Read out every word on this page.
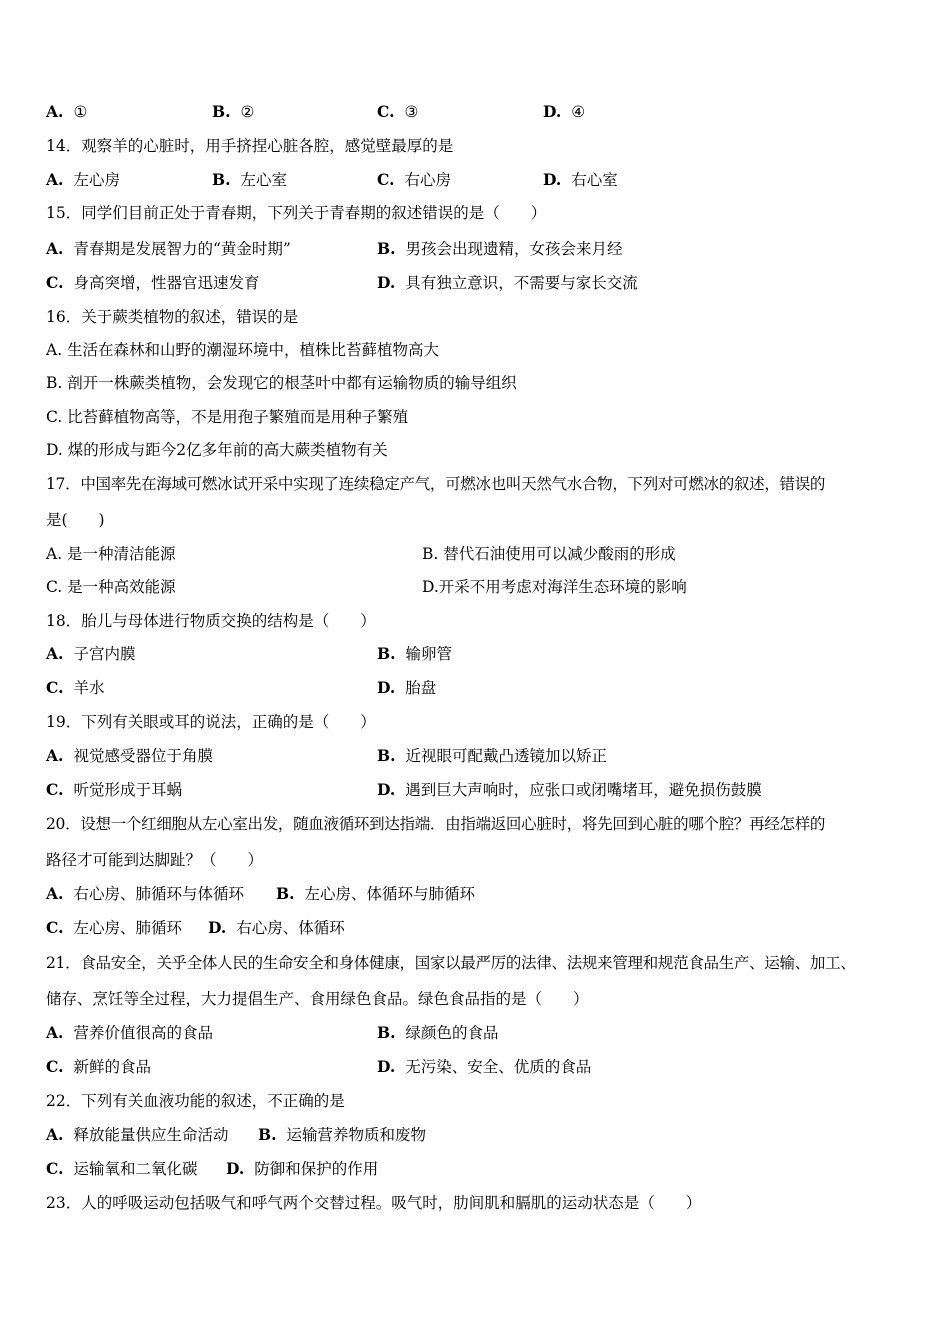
A. ①	B. ②	C. ③	D. ④
14．观察羊的心脏时，用手挤捏心脏各腔，感觉壁最厚的是
A. 左心房	B. 左心室	C. 右心房	D. 右心室
15．同学们目前正处于青春期，下列关于青春期的叙述错误的是（　　）
A. 青春期是发展智力的“黄金时期”	B. 男孩会出现遗精，女孩会来月经
C. 身高突增，性器官迅速发育	D. 具有独立意识，不需要与家长交流
16．关于蕨类植物的叙述，错误的是
A. 生活在森林和山野的潮湿环境中，植株比苔藓植物高大
B. 剖开一株蕨类植物，会发现它的根茎叶中都有运输物质的输导组织
C. 比苔藓植物高等，不是用孢子繁殖而是用种子繁殖
D. 煤的形成与距今2亿多年前的高大蕨类植物有关
17．中国率先在海域可燃冰试开采中实现了连续稳定产气，可燃冰也叫天然气水合物，下列对可燃冰的叙述，错误的
是(　　)
A. 是一种清洁能源	B. 替代石油使用可以减少酸雨的形成
C. 是一种高效能源	D.开采不用考虑对海洋生态环境的影响
18．胎儿与母体进行物质交换的结构是（　　）
A. 子宫内膜	B. 输卵管
C. 羊水	D. 胎盘
19．下列有关眼或耳的说法，正确的是（　　）
A. 视觉感受器位于角膜	B. 近视眼可配戴凸透镜加以矫正
C. 听觉形成于耳蜗	D. 遇到巨大声响时，应张口或闭嘴堵耳，避免损伤鼓膜
20．设想一个红细胞从左心室出发，随血液循环到达指端．由指端返回心脏时，将先回到心脏的哪个腔？再经怎样的
路径才可能到达脚趾？（　　）
A. 右心房、肺循环与体循环 B. 左心房、体循环与肺循环
C. 左心房、肺循环 D. 右心房、体循环
21．食品安全，关乎全体人民的生命安全和身体健康，国家以最严厉的法律、法规来管理和规范食品生产、运输、加工、
储存、烹饪等全过程，大力提倡生产、食用绿色食品。绿色食品指的是（　　）
A. 营养价值很高的食品	B. 绿颜色的食品
C. 新鲜的食品	D. 无污染、安全、优质的食品
22．下列有关血液功能的叙述，不正确的是
A. 释放能量供应生命活动 B. 运输营养物质和废物
C. 运输氧和二氧化碳 D. 防御和保护的作用
23．人的呼吸运动包括吸气和呼气两个交替过程。吸气时，肋间肌和膈肌的运动状态是（　　）
